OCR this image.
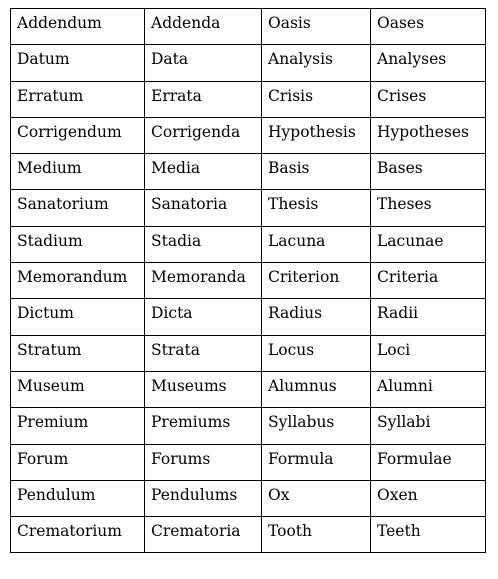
Addendum	Addenda	Oasis	Oases
Datum	Data	Analysis	Analyses
Erratum	Errata	Crisis	Crises
Corrigendum	Corrigenda	Hypothesis	Hypotheses
Medium	Media	Basis	Bases
Sanatorium	Sanatoria	Thesis	Theses
Stadium	Stadia	Lacuna	Lacunae
Memorandum	Memoranda	Criterion	Criteria
Dictum	Dicta	Radius	Radii
Stratum	Strata	Locus	Loci
Museum	Museums	Alumnus	Alumni
Premium	Premiums	Syllabus	Syllabi
Forum	Forums	Formula	Formulae
Pendulum	Pendulums	Ox	Oxen
Crematorium	Crematoria	Tooth	Teeth
